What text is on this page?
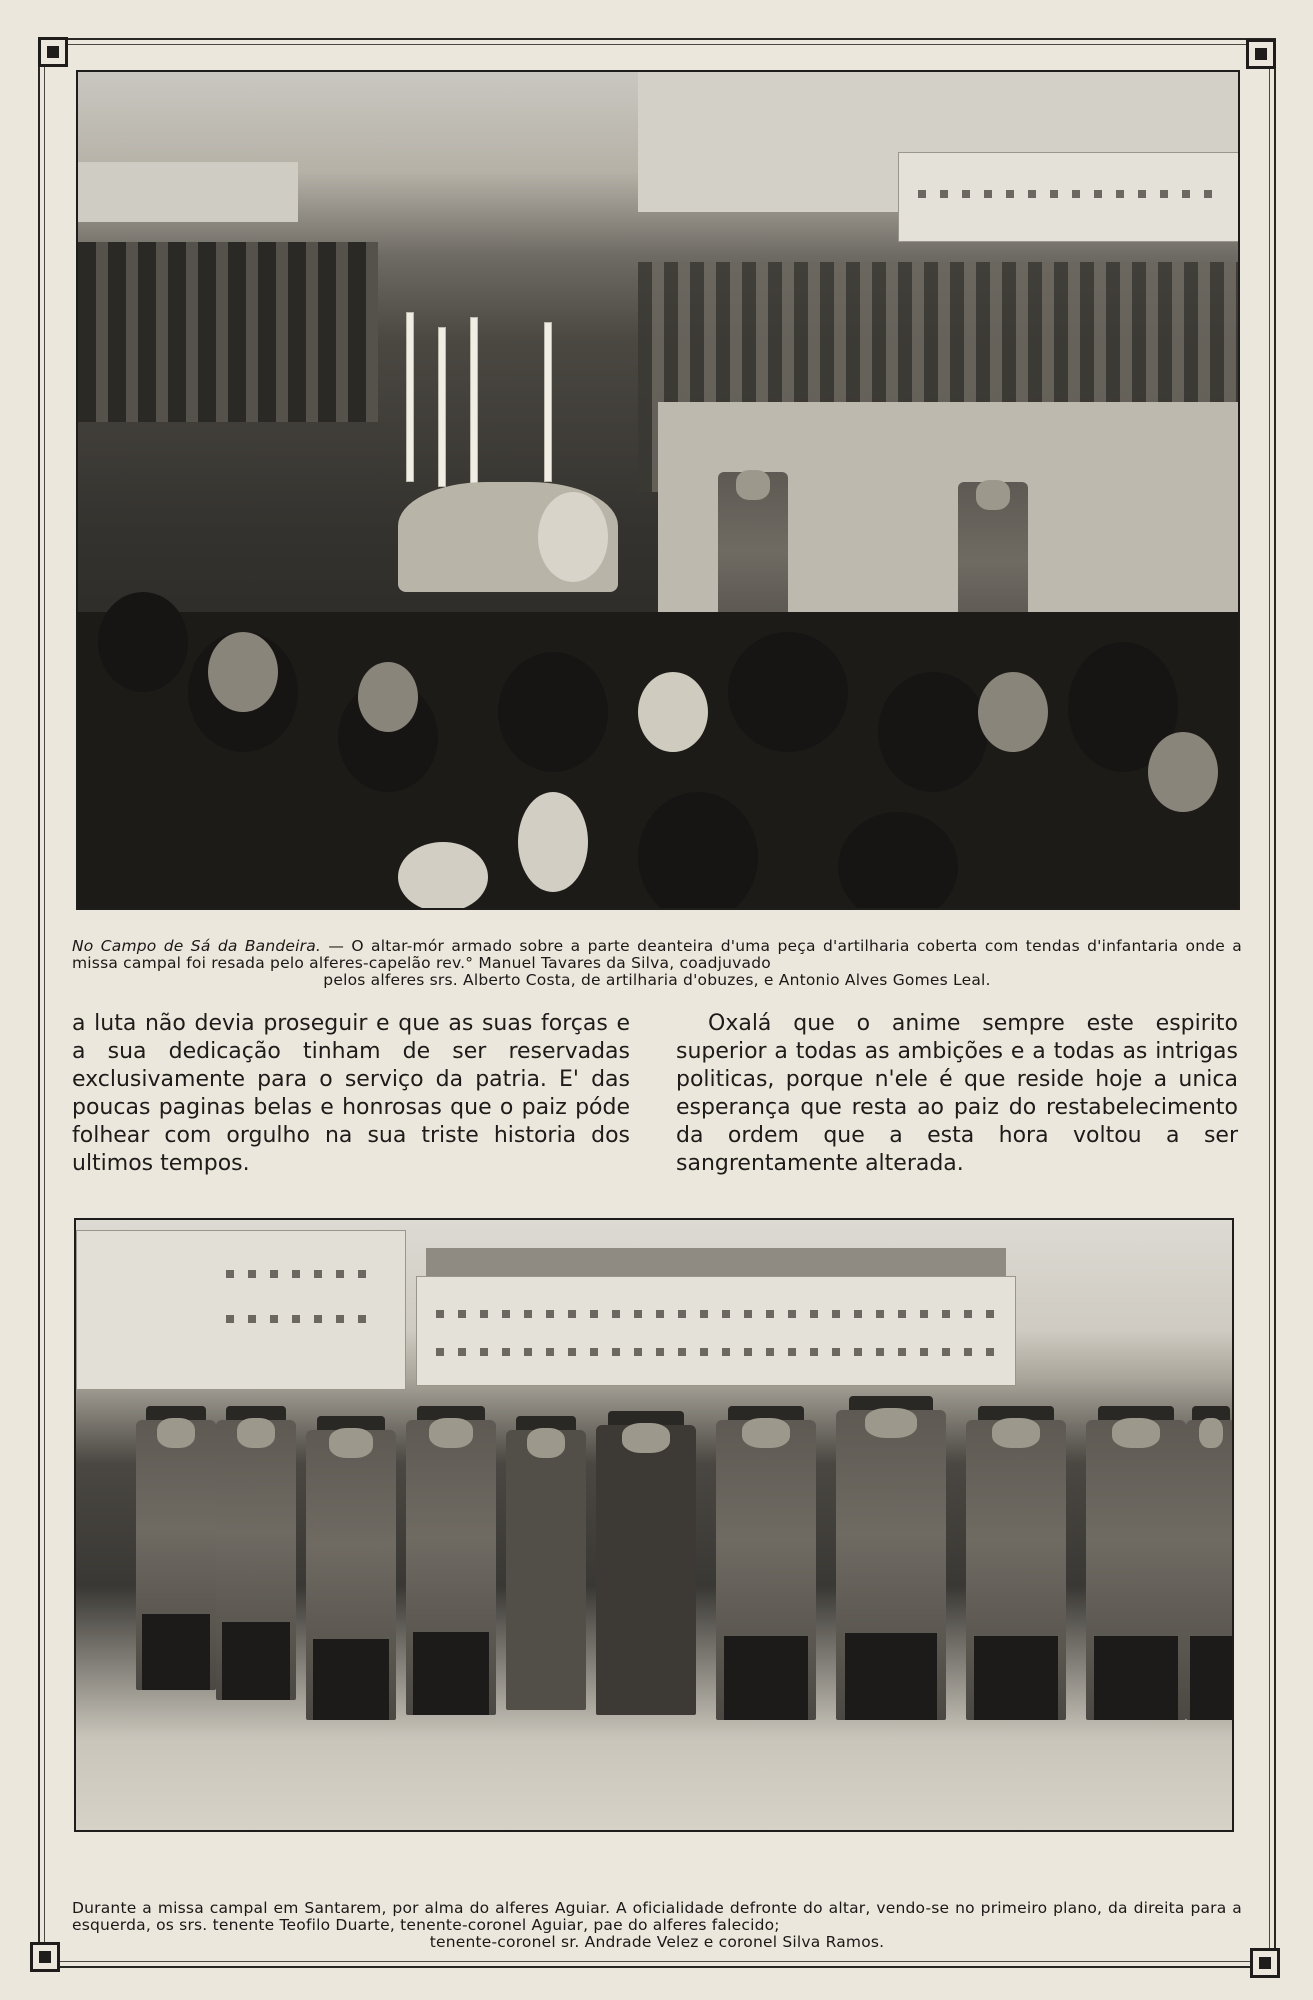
No Campo de Sá da Bandeira. — O altar-mór armado sobre a parte deanteira d'uma peça d'artilharia coberta com tendas d'infantaria onde a missa campal foi resada pelo alferes-capelão rev.° Manuel Tavares da Silva, coadjuvado
pelos alferes srs. Alberto Costa, de artilharia d'obuzes, e Antonio Alves Gomes Leal.

a luta não devia proseguir e que as suas forças e a sua dedicação tinham de ser reservadas exclusivamente para o serviço da patria. E' das poucas paginas belas e honrosas que o paiz póde folhear com orgulho na sua triste historia dos ultimos tempos.

Oxalá que o anime sempre este espirito superior a todas as ambições e a todas as intrigas politicas, porque n'ele é que reside hoje a unica esperança que resta ao paiz do restabelecimento da ordem que a esta hora voltou a ser sangrentamente alterada.

Durante a missa campal em Santarem, por alma do alferes Aguiar. A oficialidade defronte do altar, vendo-se no primeiro plano, da direita para a esquerda, os srs. tenente Teofilo Duarte, tenente-coronel Aguiar, pae do alferes falecido;
tenente-coronel sr. Andrade Velez e coronel Silva Ramos.
